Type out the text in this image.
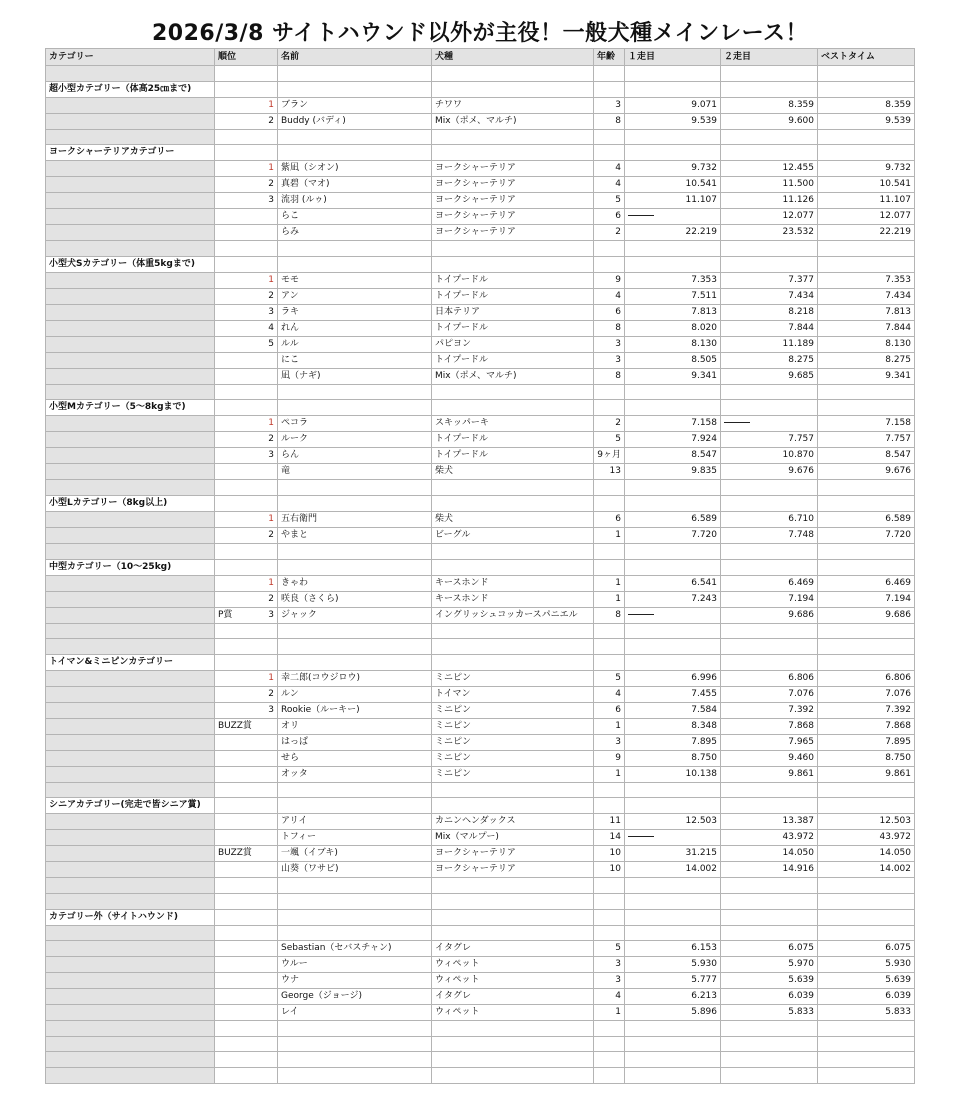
2026/3/8 サイトハウンド以外が主役！一般犬種メインレース！
カテゴリー	順位	名前	犬種	年齢	１走目	２走目	ベストタイム

超小型カテゴリー（体高25㎝まで)							

	1	ブラン	チワワ	3	9.071	8.359	8.359

	2	Buddy (バディ)	Mix（ポメ、マルチ)	8	9.539	9.600	9.539

ヨークシャーテリアカテゴリー							

	1	紫凪（シオン)	ヨークシャーテリア	4	9.732	12.455	9.732

	2	真碧（マオ)	ヨークシャーテリア	4	10.541	11.500	10.541

	3	流羽 (ルゥ)	ヨークシャーテリア	5	11.107	11.126	11.107
		らこ	ヨークシャーテリア	6		12.077	12.077
		らみ	ヨークシャーテリア	2	22.219	23.532	22.219

小型犬Sカテゴリー（体重5kgまで)							

	1	モモ	トイプードル	9	7.353	7.377	7.353

	2	アン	トイプードル	4	7.511	7.434	7.434

	3	ラキ	日本テリア	6	7.813	8.218	7.813

	4	れん	トイプードル	8	8.020	7.844	7.844

	5	ルル	パピヨン	3	8.130	11.189	8.130
		にこ	トイプードル	3	8.505	8.275	8.275
		凪（ナギ)	Mix（ポメ、マルチ)	8	9.341	9.685	9.341

小型Mカテゴリー（5〜8kgまで)							

	1	ペコラ	スキッパーキ	2	7.158		7.158

	2	ルーク	トイプードル	5	7.924	7.757	7.757

	3	らん	トイプードル	9ヶ月	8.547	10.870	8.547
		竜	柴犬	13	9.835	9.676	9.676

小型Lカテゴリー（8kg以上)							

	1	五右衛門	柴犬	6	6.589	6.710	6.589

	2	やまと	ビーグル	1	7.720	7.748	7.720

中型カテゴリー（10〜25kg)							

	1	きゃわ	キースホンド	1	6.541	6.469	6.469

	2	咲良（さくら)	キースホンド	1	7.243	7.194	7.194

	P賞 3	ジャック	イングリッシュコッカースパニエル	8		9.686	9.686

トイマン&ミニピンカテゴリー							

	1	幸二郎(コウジロウ)	ミニピン	5	6.996	6.806	6.806

	2	ルン	トイマン	4	7.455	7.076	7.076

	3	Rookie（ルーキー)	ミニピン	6	7.584	7.392	7.392

	BUZZ賞	オリ	ミニピン	1	8.348	7.868	7.868
		はっぱ	ミニピン	3	7.895	7.965	7.895
		せら	ミニピン	9	8.750	9.460	8.750
		オッタ	ミニピン	1	10.138	9.861	9.861

シニアカテゴリー(完走で皆シニア賞)							
		アリイ	カニンヘンダックス	11	12.503	13.387	12.503
		トフィー	Mix（マルプー)	14		43.972	43.972

	BUZZ賞	一颯（イブキ)	ヨークシャーテリア	10	31.215	14.050	14.050
		山葵（ワサビ)	ヨークシャーテリア	10	14.002	14.916	14.002

カテゴリー外（サイトハウンド)							

		Sebastian（セバスチャン)	イタグレ	5	6.153	6.075	6.075
		ウルー	ウィペット	3	5.930	5.970	5.930
		ウナ	ウィペット	3	5.777	5.639	5.639
		George（ジョージ)	イタグレ	4	6.213	6.039	6.039
		レイ	ウィペット	1	5.896	5.833	5.833
